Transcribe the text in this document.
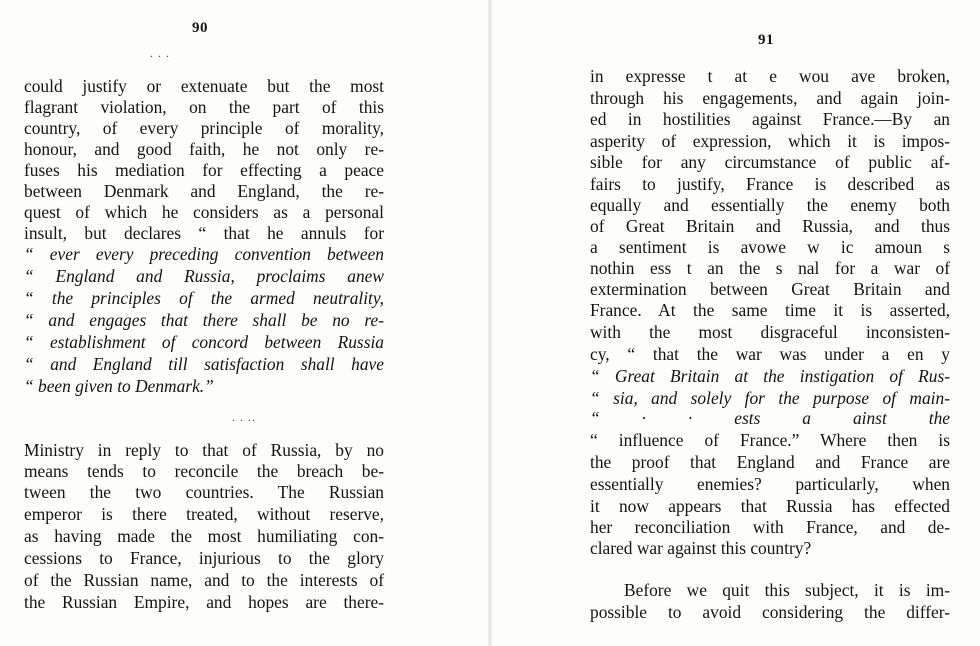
90
. . .
could justify or extenuate but the most
flagrant violation, on the part of this
country, of every principle of morality,
honour, and good faith, he not only re-
fuses his mediation for effecting a peace
between Denmark and England, the re-
quest of which he considers as a personal
insult, but declares “ that he annuls for
“ ever every preceding convention between
“ England and Russia, proclaims anew
“ the principles of the armed neutrality,
“ and engages that there shall be no re-
“ establishment of concord between Russia
“ and England till satisfaction shall have
“ been given to Denmark.”
. . ..
Ministry in reply to that of Russia, by no
means tends to reconcile the breach be-
tween the two countries. The Russian
emperor is there treated, without reserve,
as having made the most humiliating con-
cessions to France, injurious to the glory
of the Russian name, and to the interests of
the Russian Empire, and hopes are there-
91
in expresse t at e wou ave broken,
through his engagements, and again join-
ed in hostilities against France.—By an
asperity of expression, which it is impos-
sible for any circumstance of public af-
fairs to justify, France is described as
equally and essentially the enemy both
of Great Britain and Russia, and thus
a sentiment is avowe w ic amoun s
nothin ess t an the s nal for a war of
extermination between Great Britain and
France. At the same time it is asserted,
with the most disgraceful inconsisten-
cy, “ that the war was under a en y
“ Great Britain at the instigation of Rus-
“ sia, and solely for the purpose of main-
“ · · ests a ainst the
“ influence of France.” Where then is
the proof that England and France are
essentially enemies? particularly, when
it now appears that Russia has effected
her reconciliation with France, and de-
clared war against this country?
Before we quit this subject, it is im-
possible to avoid considering the differ-
